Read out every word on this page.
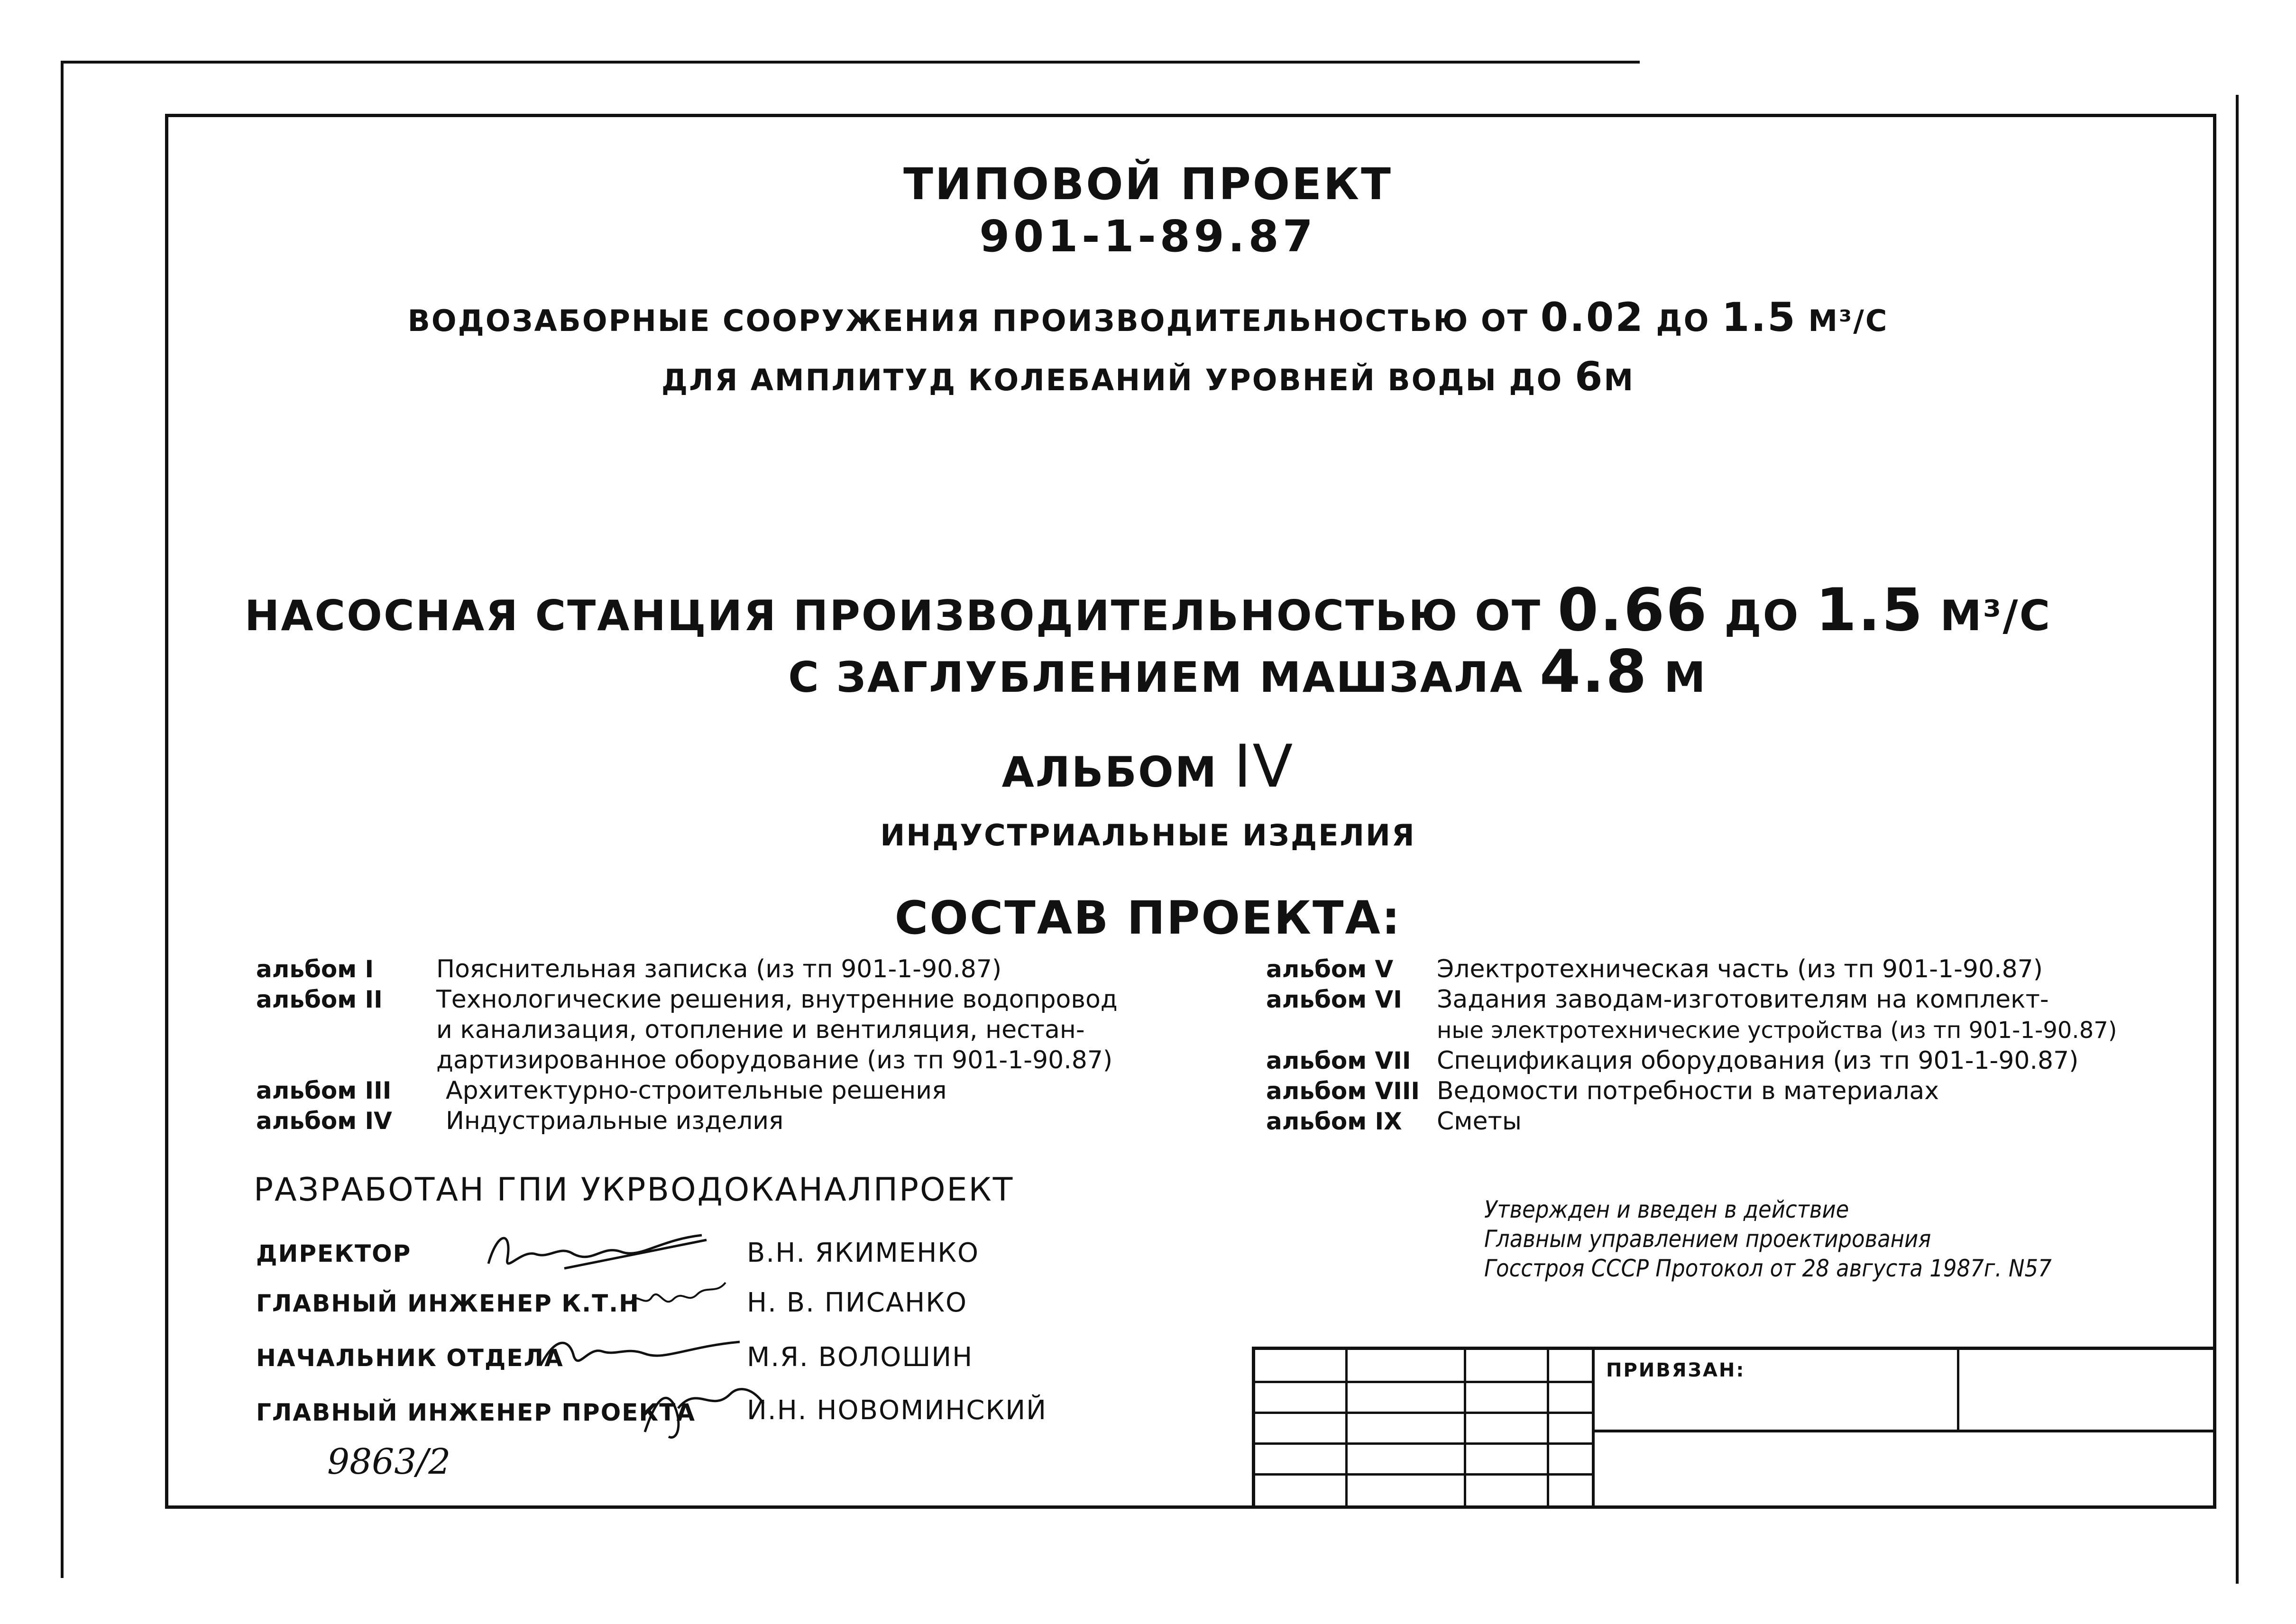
ТИПОВОЙ ПРОЕКТ
901-1-89.87
ВОДОЗАБОРНЫЕ СООРУЖЕНИЯ ПРОИЗВОДИТЕЛЬНОСТЬЮ ОТ 0.02 ДО 1.5 М³/С
ДЛЯ АМПЛИТУД КОЛЕБАНИЙ УРОВНЕЙ ВОДЫ ДО 6М
НАСОСНАЯ СТАНЦИЯ ПРОИЗВОДИТЕЛЬНОСТЬЮ ОТ 0.66 ДО 1.5 М³/С
С ЗАГЛУБЛЕНИЕМ МАШЗАЛА 4.8 М
АЛЬБОМ IV
ИНДУСТРИАЛЬНЫЕ ИЗДЕЛИЯ
СОСТАВ ПРОЕКТА:
альбом I	Пояснительная записка (из тп 901-1-90.87)
альбом II Технологические решения, внутренние водопровод
и канализация, отопление и вентиляция, нестан-
дартизированное оборудование (из тп 901-1-90.87)
альбом III Архитектурно-строительные решения
альбом IV Индустриальные изделия
альбом V Электротехническая часть (из тп 901-1-90.87)
альбом VI Задания заводам-изготовителям на комплект-
ные электротехнические устройства (из тп 901-1-90.87)
альбом VII Спецификация оборудования (из тп 901-1-90.87)
альбом VIII Ведомости потребности в материалах
альбом IX Сметы
РАЗРАБОТАН ГПИ УКРВОДОКАНАЛПРОЕКТ
ДИРЕКТОР	В.Н. ЯКИМЕНКО
ГЛАВНЫЙ ИНЖЕНЕР К.Т.Н	Н. В. ПИСАНКО
НАЧАЛЬНИК ОТДЕЛА	М.Я. ВОЛОШИН
ГЛАВНЫЙ ИНЖЕНЕР ПРОЕКТА И.Н. НОВОМИНСКИЙ
9863/2
Утвержден и введен в действие
Главным управлением проектирования
Госстроя СССР Протокол от 28 августа 1987г. N57
ПРИВЯЗАН:
